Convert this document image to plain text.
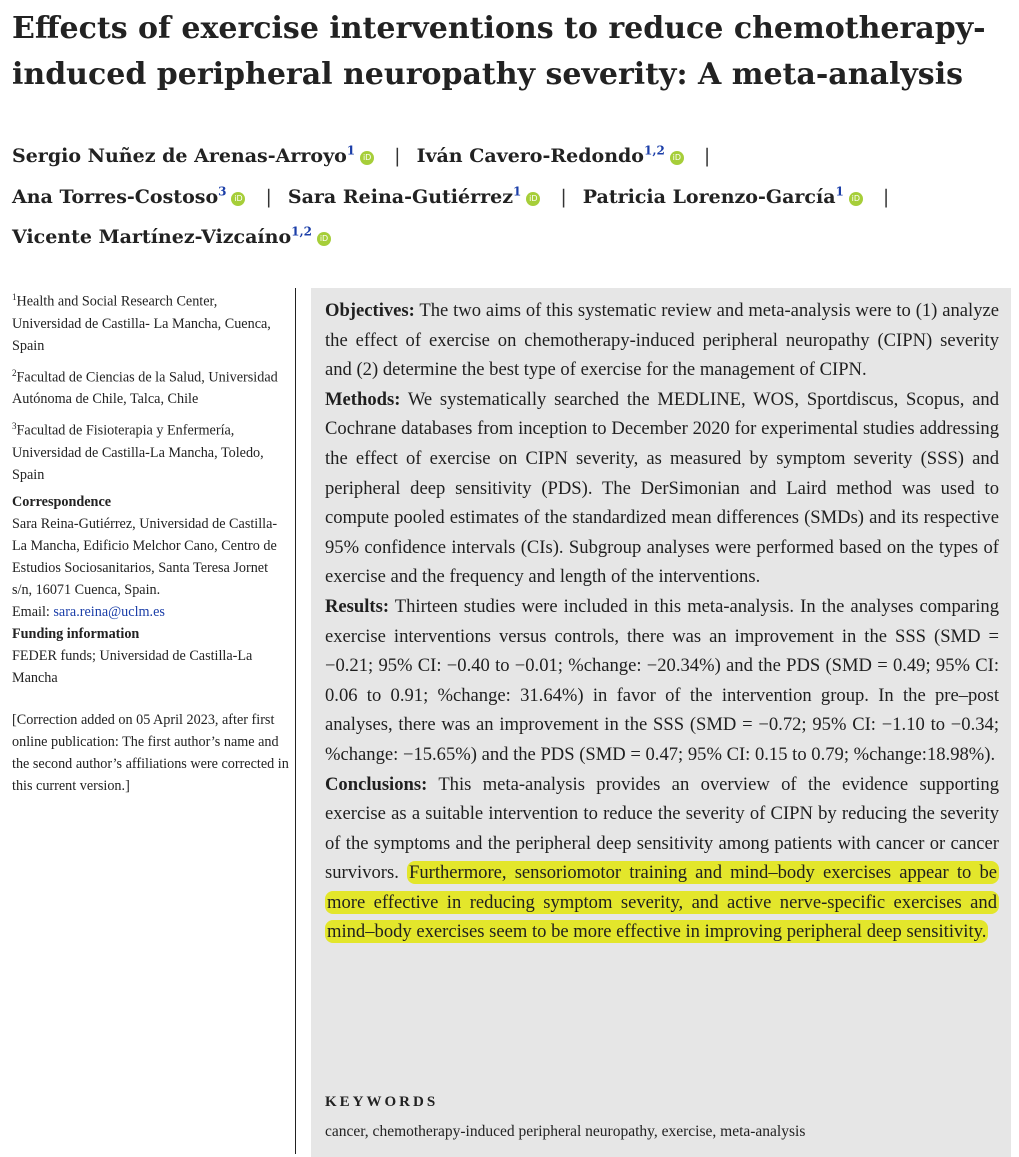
Effects of exercise interventions to reduce chemotherapy-induced peripheral neuropathy severity: A meta-analysis
Sergio Nuñez de Arenas-Arroyo$^1$ iD | Iván Cavero-Redondo$^{1,2}$ iD |
Ana Torres-Costoso$^3$ iD | Sara Reina-Gutiérrez$^1$ iD | Patricia Lorenzo-García$^1$ iD |
Vicente Martínez-Vizcaíno$^{1,2}$ iD

$^1$Health and Social Research Center, Universidad de Castilla- La Mancha, Cuenca, Spain

$^2$Facultad de Ciencias de la Salud, Universidad Autónoma de Chile, Talca, Chile

$^3$Facultad de Fisioterapia y Enfermería, Universidad de Castilla-La Mancha, Toledo, Spain

Correspondence

Sara Reina-Gutiérrez, Universidad de Castilla- La Mancha, Edificio Melchor Cano, Centro de Estudios Sociosanitarios, Santa Teresa Jornet s/n, 16071 Cuenca, Spain.

Email: sara.reina@uclm.es

Funding information

FEDER funds; Universidad de Castilla-La Mancha

[Correction added on 05 April 2023, after first online publication: The first author’s name and the second author’s affiliations were corrected in this current version.]

Objectives: The two aims of this systematic review and meta-analysis were to (1) analyze the effect of exercise on chemotherapy-induced peripheral neuropathy (CIPN) severity and (2) determine the best type of exercise for the management of CIPN.
Methods: We systematically searched the MEDLINE, WOS, Sportdiscus, Scopus, and Cochrane databases from inception to December 2020 for experimental studies addressing the effect of exercise on CIPN severity, as measured by symptom severity (SSS) and peripheral deep sensitivity (PDS). The DerSimonian and Laird method was used to compute pooled estimates of the standardized mean differences (SMDs) and its respective 95% confidence intervals (CIs). Subgroup analyses were performed based on the types of exercise and the frequency and length of the interventions.
Results: Thirteen studies were included in this meta-analysis. In the analyses comparing exercise interventions versus controls, there was an improvement in the SSS (SMD = −0.21; 95% CI: −0.40 to −0.01; %change: −20.34%) and the PDS (SMD = 0.49; 95% CI: 0.06 to 0.91; %change: 31.64%) in favor of the intervention group. In the pre–post analyses, there was an improvement in the SSS (SMD = −0.72; 95% CI: −1.10 to −0.34; %change: −15.65%) and the PDS (SMD = 0.47; 95% CI: 0.15 to 0.79; %change:18.98%).
Conclusions: This meta-analysis provides an overview of the evidence supporting exercise as a suitable intervention to reduce the severity of CIPN by reducing the severity of the symptoms and the peripheral deep sensitivity among patients with cancer or cancer survivors. Furthermore, sensoriomotor training and mind–body exercises appear to be more effective in reducing symptom severity, and active nerve-specific exercises and mind–body exercises seem to be more effective in improving peripheral deep sensitivity.

KEYWORDS
cancer, chemotherapy-induced peripheral neuropathy, exercise, meta-analysis
